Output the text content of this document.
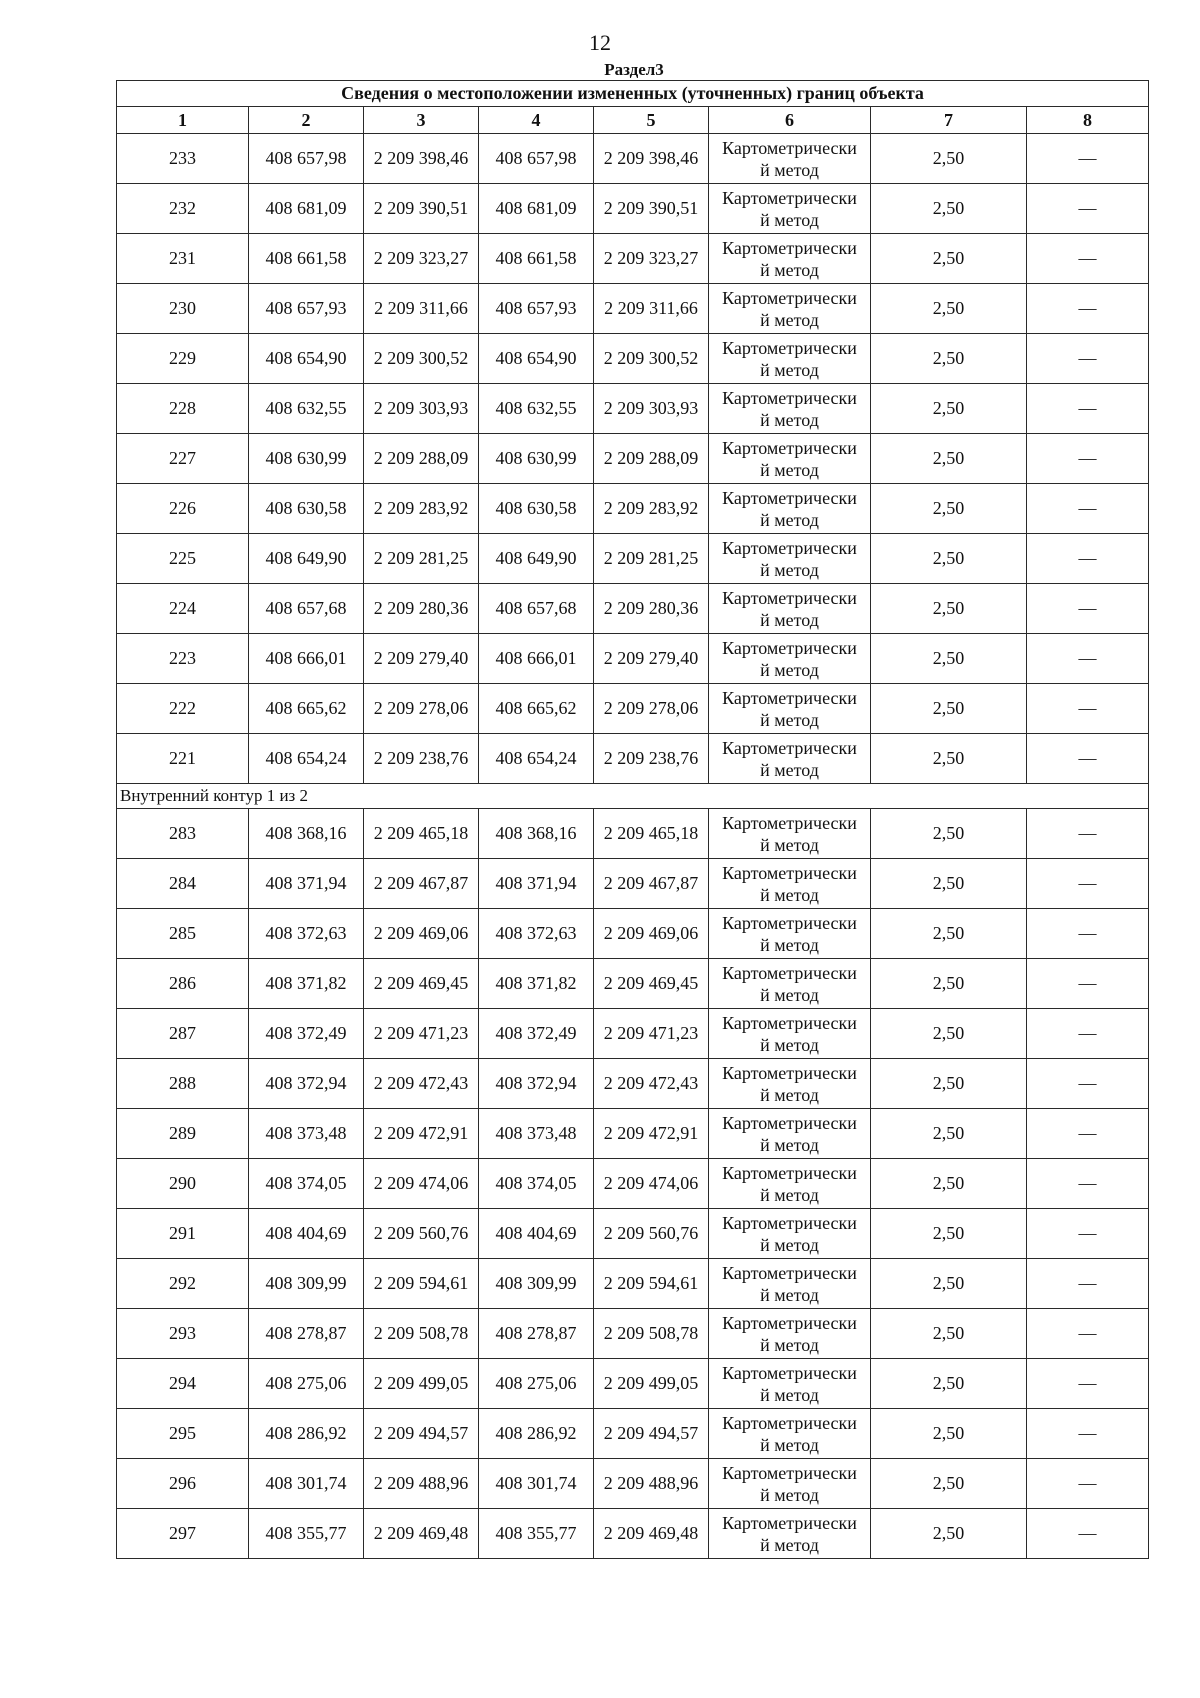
12
Раздел3
Сведения о местоположении измененных (уточненных) границ объекта							
1	2	3	4	5	6	7	8
233	408 657,98	2 209 398,46	408 657,98	2 209 398,46	Картометрически
й метод	2,50	—
232	408 681,09	2 209 390,51	408 681,09	2 209 390,51	Картометрически
й метод	2,50	—
231	408 661,58	2 209 323,27	408 661,58	2 209 323,27	Картометрически
й метод	2,50	—
230	408 657,93	2 209 311,66	408 657,93	2 209 311,66	Картометрически
й метод	2,50	—
229	408 654,90	2 209 300,52	408 654,90	2 209 300,52	Картометрически
й метод	2,50	—
228	408 632,55	2 209 303,93	408 632,55	2 209 303,93	Картометрически
й метод	2,50	—
227	408 630,99	2 209 288,09	408 630,99	2 209 288,09	Картометрически
й метод	2,50	—
226	408 630,58	2 209 283,92	408 630,58	2 209 283,92	Картометрически
й метод	2,50	—
225	408 649,90	2 209 281,25	408 649,90	2 209 281,25	Картометрически
й метод	2,50	—
224	408 657,68	2 209 280,36	408 657,68	2 209 280,36	Картометрически
й метод	2,50	—
223	408 666,01	2 209 279,40	408 666,01	2 209 279,40	Картометрически
й метод	2,50	—
222	408 665,62	2 209 278,06	408 665,62	2 209 278,06	Картометрически
й метод	2,50	—
221	408 654,24	2 209 238,76	408 654,24	2 209 238,76	Картометрически
й метод	2,50	—
Внутренний контур 1 из 2							
283	408 368,16	2 209 465,18	408 368,16	2 209 465,18	Картометрически
й метод	2,50	—
284	408 371,94	2 209 467,87	408 371,94	2 209 467,87	Картометрически
й метод	2,50	—
285	408 372,63	2 209 469,06	408 372,63	2 209 469,06	Картометрически
й метод	2,50	—
286	408 371,82	2 209 469,45	408 371,82	2 209 469,45	Картометрически
й метод	2,50	—
287	408 372,49	2 209 471,23	408 372,49	2 209 471,23	Картометрически
й метод	2,50	—
288	408 372,94	2 209 472,43	408 372,94	2 209 472,43	Картометрически
й метод	2,50	—
289	408 373,48	2 209 472,91	408 373,48	2 209 472,91	Картометрически
й метод	2,50	—
290	408 374,05	2 209 474,06	408 374,05	2 209 474,06	Картометрически
й метод	2,50	—
291	408 404,69	2 209 560,76	408 404,69	2 209 560,76	Картометрически
й метод	2,50	—
292	408 309,99	2 209 594,61	408 309,99	2 209 594,61	Картометрически
й метод	2,50	—
293	408 278,87	2 209 508,78	408 278,87	2 209 508,78	Картометрически
й метод	2,50	—
294	408 275,06	2 209 499,05	408 275,06	2 209 499,05	Картометрически
й метод	2,50	—
295	408 286,92	2 209 494,57	408 286,92	2 209 494,57	Картометрически
й метод	2,50	—
296	408 301,74	2 209 488,96	408 301,74	2 209 488,96	Картометрически
й метод	2,50	—
297	408 355,77	2 209 469,48	408 355,77	2 209 469,48	Картометрически
й метод	2,50	—
